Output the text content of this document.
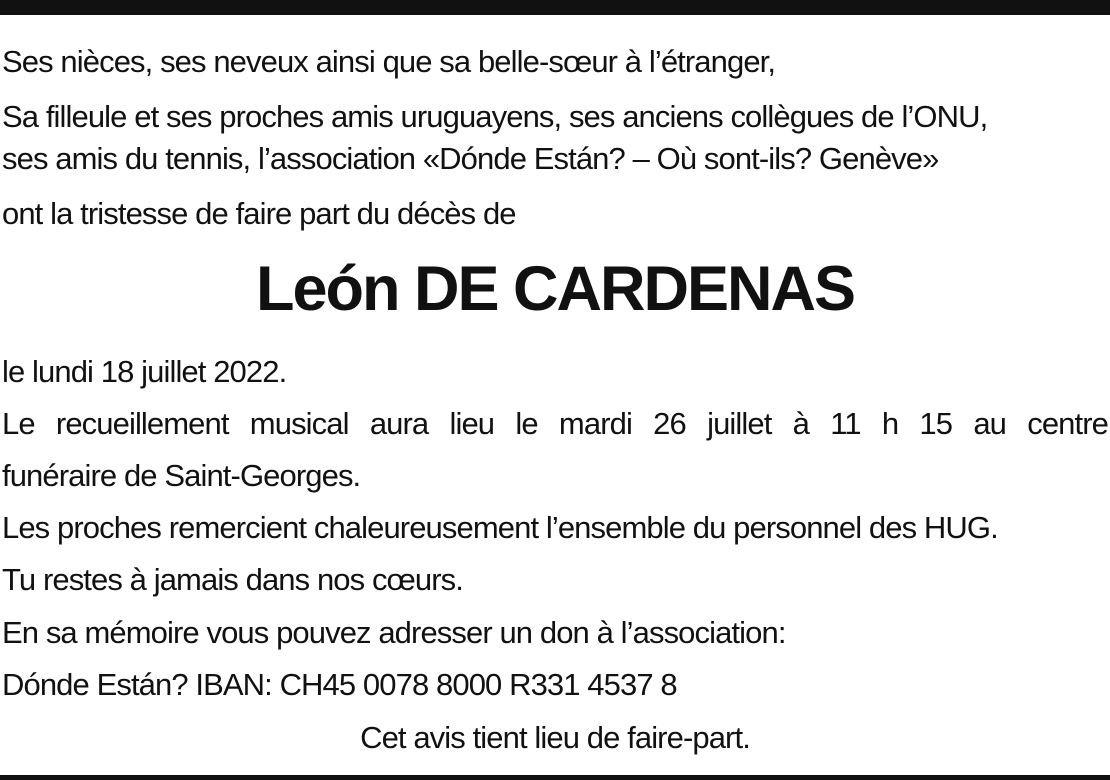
Ses nièces, ses neveux ainsi que sa belle-sœur à l’étranger,

Sa filleule et ses proches amis uruguayens, ses anciens collègues de l’ONU,

ses amis du tennis, l’association «Dónde Están? – Où sont-ils? Genève»

ont la tristesse de faire part du décès de

León DE CARDENAS

le lundi 18 juillet 2022.

Le recueillement musical aura lieu le mardi 26 juillet à 11 h 15 au centre

funéraire de Saint-Georges.

Les proches remercient chaleureusement l’ensemble du personnel des HUG.

Tu restes à jamais dans nos cœurs.

En sa mémoire vous pouvez adresser un don à l’association:

Dónde Están? IBAN: CH45 0078 8000 R331 4537 8

Cet avis tient lieu de faire-part.
